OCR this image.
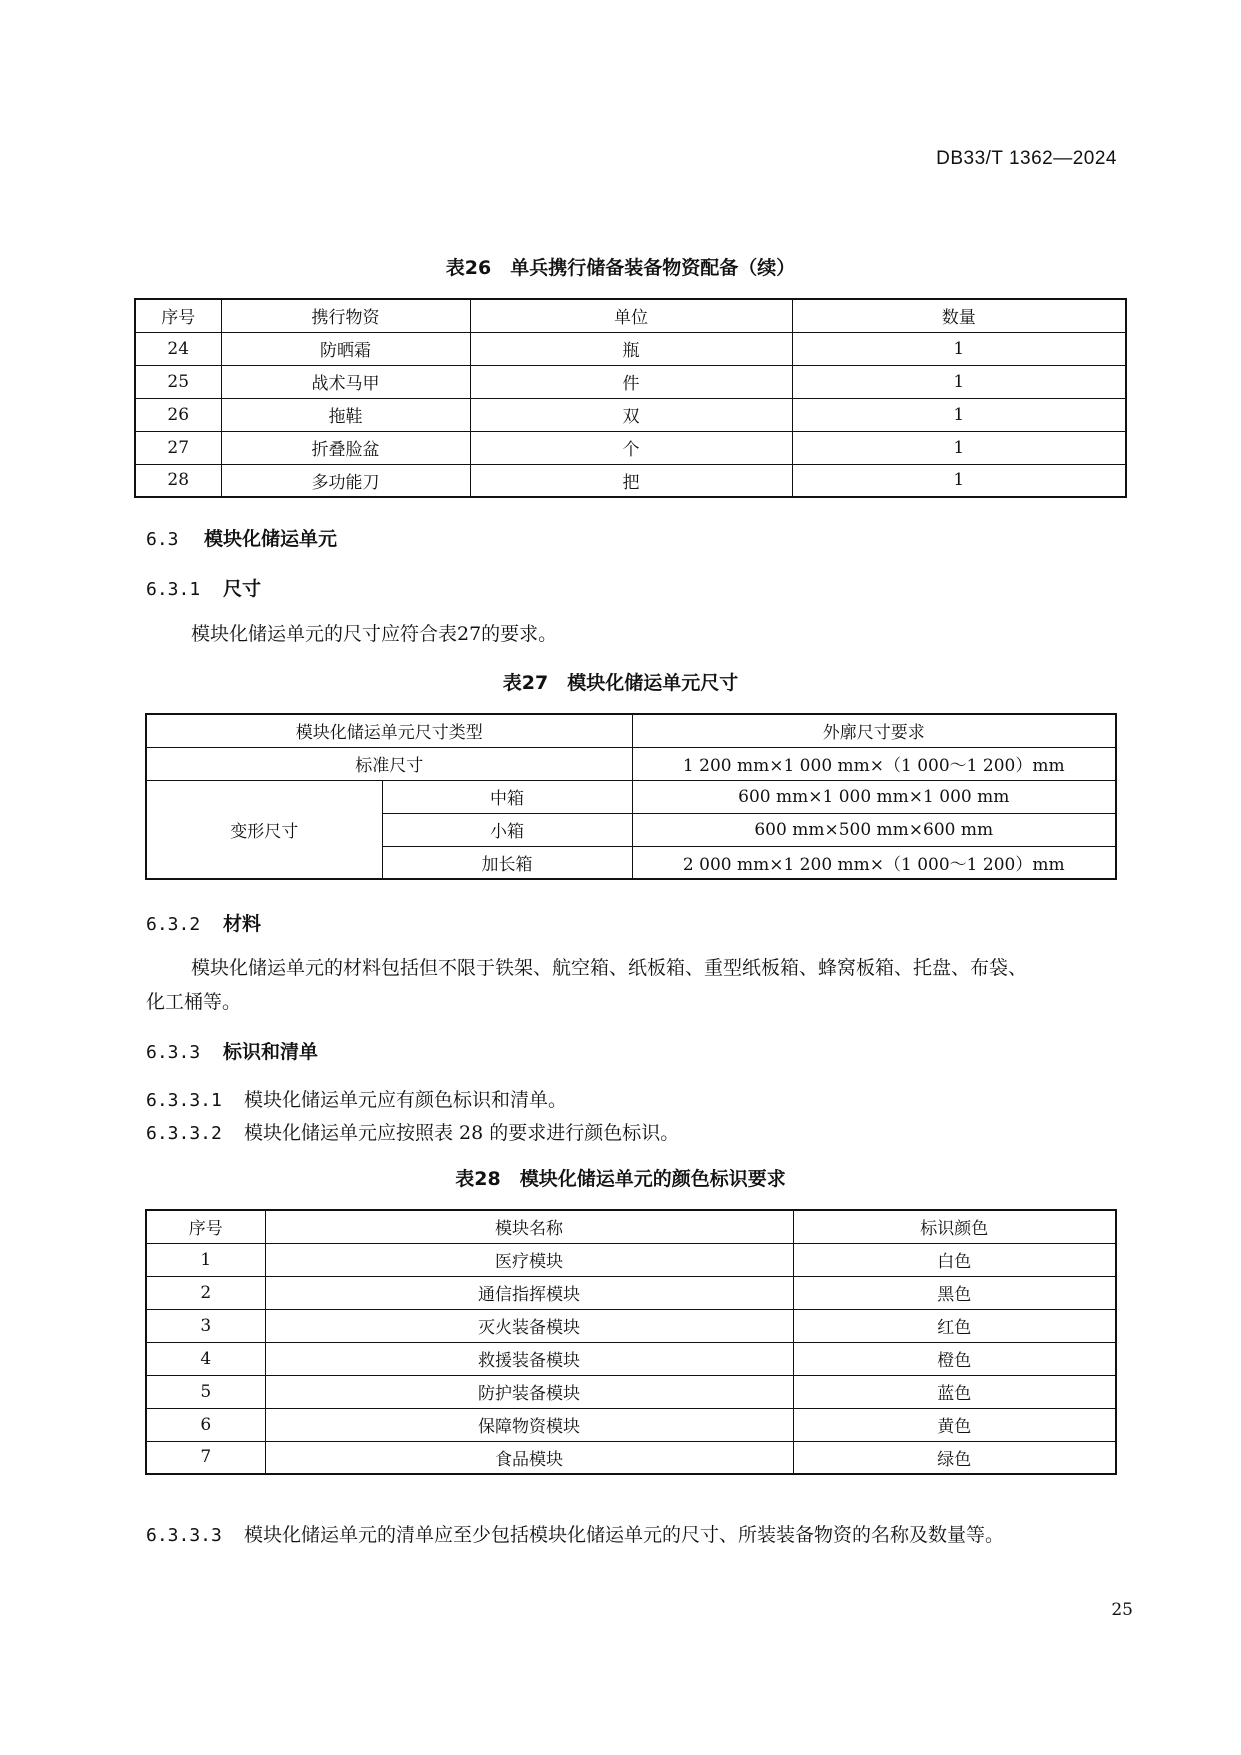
DB33/T 1362—2024
表26　单兵携行储备装备物资配备（续）
序号	携行物资	单位	数量
24	防晒霜	瓶	1
25	战术马甲	件	1
26	拖鞋	双	1
27	折叠脸盆	个	1
28	多功能刀	把	1
6.3 模块化储运单元
6.3.1 尺寸
模块化储运单元的尺寸应符合表27的要求。
表27　模块化储运单元尺寸
模块化储运单元尺寸类型		外廓尺寸要求
标准尺寸		1 200 mm×1 000 mm×（1 000～1 200）mm
变形尺寸	中箱	600 mm×1 000 mm×1 000 mm
	小箱	600 mm×500 mm×600 mm
	加长箱	2 000 mm×1 200 mm×（1 000～1 200）mm
6.3.2 材料
模块化储运单元的材料包括但不限于铁架、航空箱、纸板箱、重型纸板箱、蜂窝板箱、托盘、布袋、
化工桶等。
6.3.3 标识和清单
6.3.3.1 模块化储运单元应有颜色标识和清单。
6.3.3.2 模块化储运单元应按照表 28 的要求进行颜色标识。
表28　模块化储运单元的颜色标识要求
序号	模块名称	标识颜色
1	医疗模块	白色
2	通信指挥模块	黑色
3	灭火装备模块	红色
4	救援装备模块	橙色
5	防护装备模块	蓝色
6	保障物资模块	黄色
7	食品模块	绿色
6.3.3.3 模块化储运单元的清单应至少包括模块化储运单元的尺寸、所装装备物资的名称及数量等。
25
